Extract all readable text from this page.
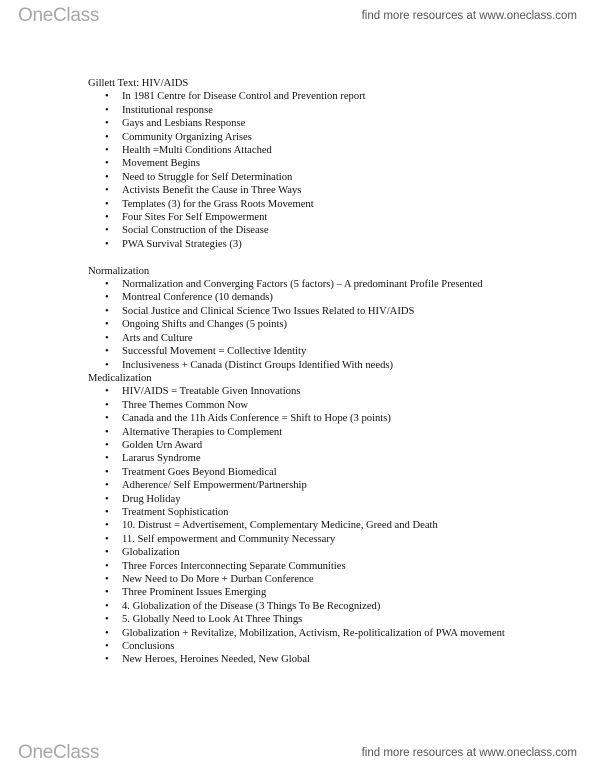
OneClass	find more resources at www.oneclass.com

Gillett Text: HIV/AIDS

• In 1981 Centre for Disease Control and Prevention report
• Institutional response
• Gays and Lesbians Response
• Community Organizing Arises
• Health =Multi Conditions Attached
• Movement Begins
• Need to Struggle for Self Determination
• Activists Benefit the Cause in Three Ways
• Templates (3) for the Grass Roots Movement
• Four Sites For Self Empowerment
• Social Construction of the Disease
• PWA Survival Strategies (3)

Normalization

• Normalization and Converging Factors (5 factors) – A predominant Profile Presented
• Montreal Conference (10 demands)
• Social Justice and Clinical Science Two Issues Related to HIV/AIDS
• Ongoing Shifts and Changes (5 points)
• Arts and Culture
• Successful Movement = Collective Identity
• Inclusiveness + Canada (Distinct Groups Identified With needs)

Medicalization

• HIV/AIDS = Treatable Given Innovations
• Three Themes Common Now
• Canada and the 11h Aids Conference = Shift to Hope (3 points)
• Alternative Therapies to Complement
• Golden Urn Award
• Lararus Syndrome
• Treatment Goes Beyond Biomedical
• Adherence/ Self Empowerment/Partnership
• Drug Holiday
• Treatment Sophistication
• 10. Distrust = Advertisement, Complementary Medicine, Greed and Death
• 11. Self empowerment and Community Necessary
• Globalization
• Three Forces Interconnecting Separate Communities
• New Need to Do More + Durban Conference
• Three Prominent Issues Emerging
• 4. Globalization of the Disease (3 Things To Be Recognized)
• 5. Globally Need to Look At Three Things
• Globalization + Revitalize, Mobilization, Activism, Re-politicalization of PWA movement
• Conclusions
• New Heroes, Heroines Needed, New Global
OneClass	find more resources at www.oneclass.com
